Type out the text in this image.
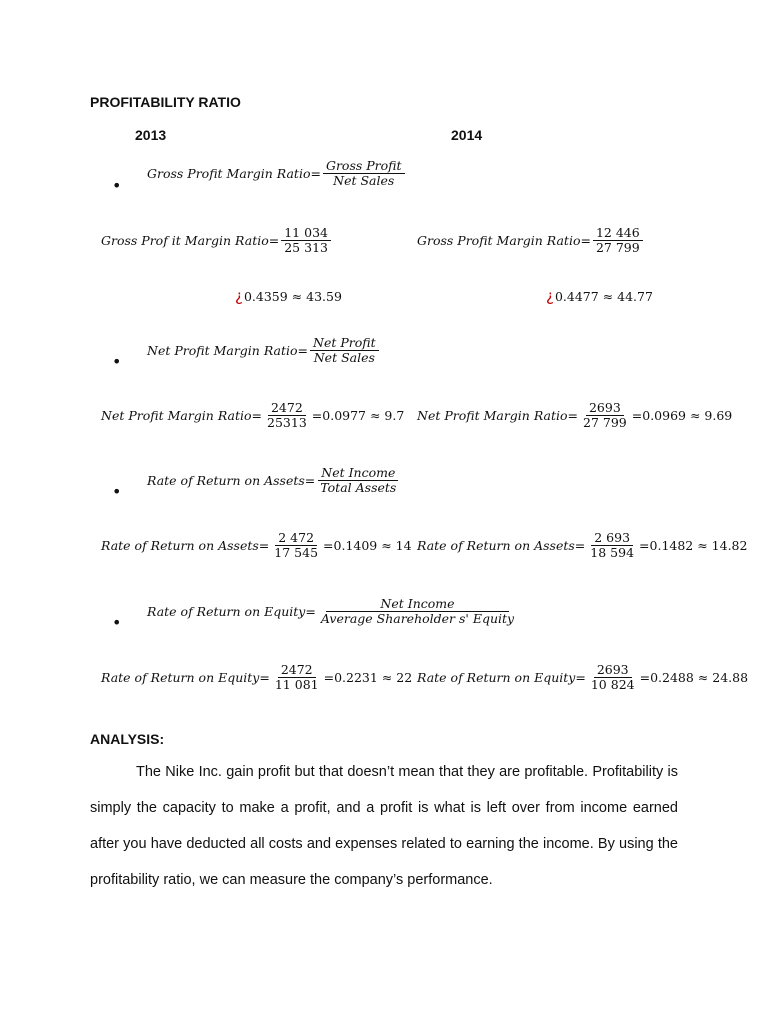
PROFITABILITY RATIO
2013	2014
•
Gross Profit Margin Ratio = $\frac{\text{Gross Profit}}{\text{Net Sales}}$
Gross Prof it Margin Ratio = $\frac{11 034}{25 313}$	Gross Profit Margin Ratio = $\frac{12 446}{27 799}$
¿ 0.4359 ≈ 43.59	¿ 0.4477 ≈ 44.77
•
Net Profit Margin Ratio = $\frac{\text{Net Profit}}{\text{Net Sales}}$
Net Profit Margin Ratio = $\frac{2472}{25313} = 0.0977 \approx 9.7$ Net Profit Margin Ratio = $\frac{2693}{27 799} = 0.0969 \approx 9.69$
•
Rate of Return on Assets = $\frac{\text{Net Income}}{\text{Total Assets}}$
Rate of Return on Assets = $\frac{2 472}{17 545} = 0.1409 \approx 14$ Rate of Return on Assets = $\frac{2 693}{18 594} = 0.1482 \approx 14.82$
•
Rate of Return on Equity = $\frac{\text{Net Income}}{\text{Average Shareholder s' Equity}}$
Rate of Return on Equity = $\frac{2472}{11 081} = 0.2231 \approx 22$ Rate of Return on Equity = $\frac{2693}{10 824} = 0.2488 \approx 24.88$
ANALYSIS:

The Nike Inc. gain profit but that doesn’t mean that they are profitable. Profitability is simply the capacity to make a profit, and a profit is what is left over from income earned after you have deducted all costs and expenses related to earning the income. By using the profitability ratio, we can measure the company’s performance.
